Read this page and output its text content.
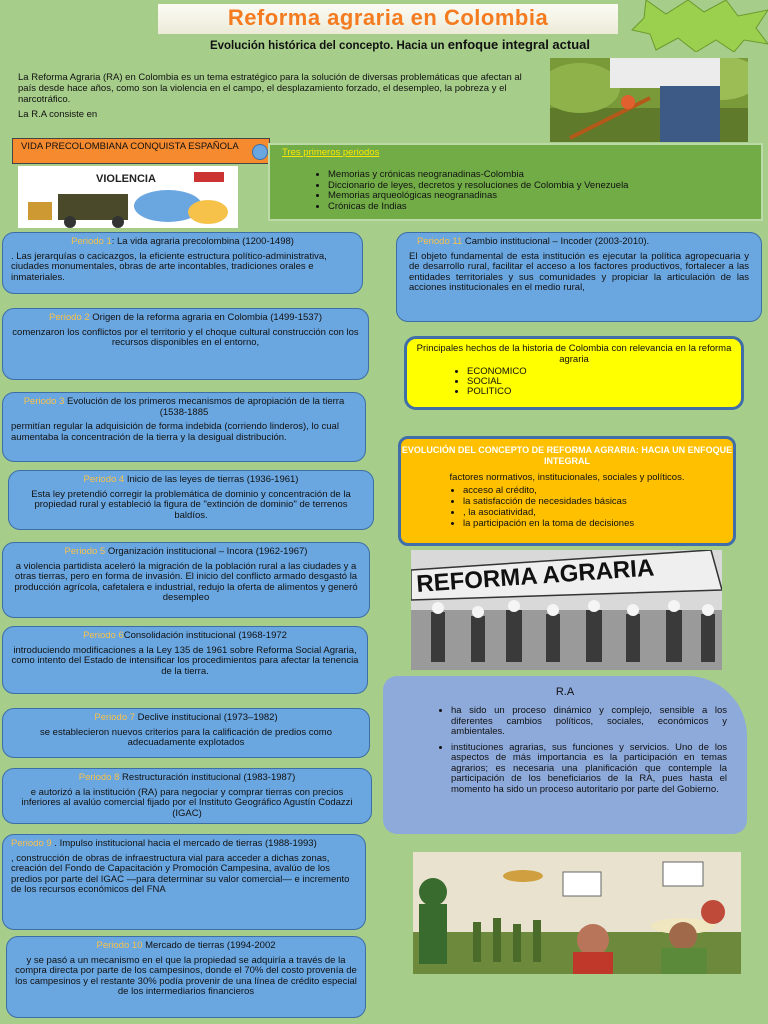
Reforma agraria en Colombia
Evolución histórica del concepto. Hacia un enfoque integral actual

La Reforma Agraria (RA) en Colombia es un tema estratégico para la solución de diversas problemáticas que afectan al país desde hace años, como son la violencia en el campo, el desplazamiento forzado, el desempleo, la pobreza y el narcotráfico.

La R.A consiste en

VIDA PRECOLOMBIANA CONQUISTA ESPAÑOLA
VIOLENCIA
Tres primeros periodos
• Memorias y crónicas neogranadinas-Colombia
• Diccionario de leyes, decretos y resoluciones de Colombia y Venezuela
• Memorias arqueológicas neogranadinas
• Crónicas de Indias
Periodo 1: La vida agraria precolombina (1200-1498)
. Las jerarquías o cacicazgos, la eficiente estructura político-administrativa, ciudades monumentales, obras de arte incontables, tradiciones orales e inmateriales.
Periodo 2 Origen de la reforma agraria en Colombia (1499-1537)
comenzaron los conflictos por el territorio y el choque cultural construcción con los recursos disponibles en el entorno,
Periodo 3 Evolución de los primeros mecanismos de apropiación de la tierra (1538-1885
permitían regular la adquisición de forma indebida (corriendo linderos), lo cual aumentaba la concentración de la tierra y la desigual distribución.
Periodo 4 Inicio de las leyes de tierras (1936-1961)
Esta ley pretendió corregir la problemática de dominio y concentración de la propiedad rural y estableció la figura de "extinción de dominio" de terrenos baldíos.
Periodo 5 Organización institucional – Incora (1962-1967)
a violencia partidista aceleró la migración de la población rural a las ciudades y a otras tierras, pero en forma de invasión. El inicio del conflicto armado desgastó la producción agrícola, cafetalera e industrial, redujo la oferta de alimentos y generó desempleo
Periodo 6Consolidación institucional (1968-1972
introduciendo modificaciones a la Ley 135 de 1961 sobre Reforma Social Agraria, como intento del Estado de intensificar los procedimientos para afectar la tenencia de la tierra.
Periodo 7 Declive institucional (1973–1982)
se establecieron nuevos criterios para la calificación de predios como adecuadamente explotados
Periodo 8 Restructuración institucional (1983-1987)
e autorizó a la institución (RA) para negociar y comprar tierras con precios inferiores al avalúo comercial fijado por el Instituto Geográfico Agustín Codazzi (IGAC)
Periodo 9 . Impulso institucional hacia el mercado de tierras (1988-1993)
, construcción de obras de infraestructura vial para acceder a dichas zonas, creación del Fondo de Capacitación y Promoción Campesina, avalúo de los predios por parte del IGAC —para determinar su valor comercial— e incremento de los recursos económicos del FNA
Periodo 10 Mercado de tierras (1994-2002
y se pasó a un mecanismo en el que la propiedad se adquiría a través de la compra directa por parte de los campesinos, donde el 70% del costo provenía de los campesinos y el restante 30% podía provenir de una línea de crédito especial de los intermediarios financieros
Periodo 11 Cambio institucional – Incoder (2003-2010).
El objeto fundamental de esta institución es ejecutar la política agropecuaria y de desarrollo rural, facilitar el acceso a los factores productivos, fortalecer a las entidades territoriales y sus comunidades y propiciar la articulación de las acciones institucionales en el medio rural,
Principales hechos de la historia de Colombia con relevancia en la reforma agraria
• ECONOMICO
• SOCIAL
• POLITICO
EVOLUCIÓN DEL CONCEPTO DE REFORMA AGRARIA: HACIA UN ENFOQUE INTEGRAL
factores normativos, institucionales, sociales y políticos.
• acceso al crédito,
• la satisfacción de necesidades básicas
• , la asociatividad,
• la participación en la toma de decisiones
REFORMA AGRARIA
R.A
• ha sido un proceso dinámico y complejo, sensible a los diferentes cambios políticos, sociales, económicos y ambientales.
• instituciones agrarias, sus funciones y servicios. Uno de los aspectos de más importancia es la participación en temas agrarios; es necesaria una planificación que contemple la participación de los beneficiarios de la RA, pues hasta el momento ha sido un proceso autoritario por parte del Gobierno.
